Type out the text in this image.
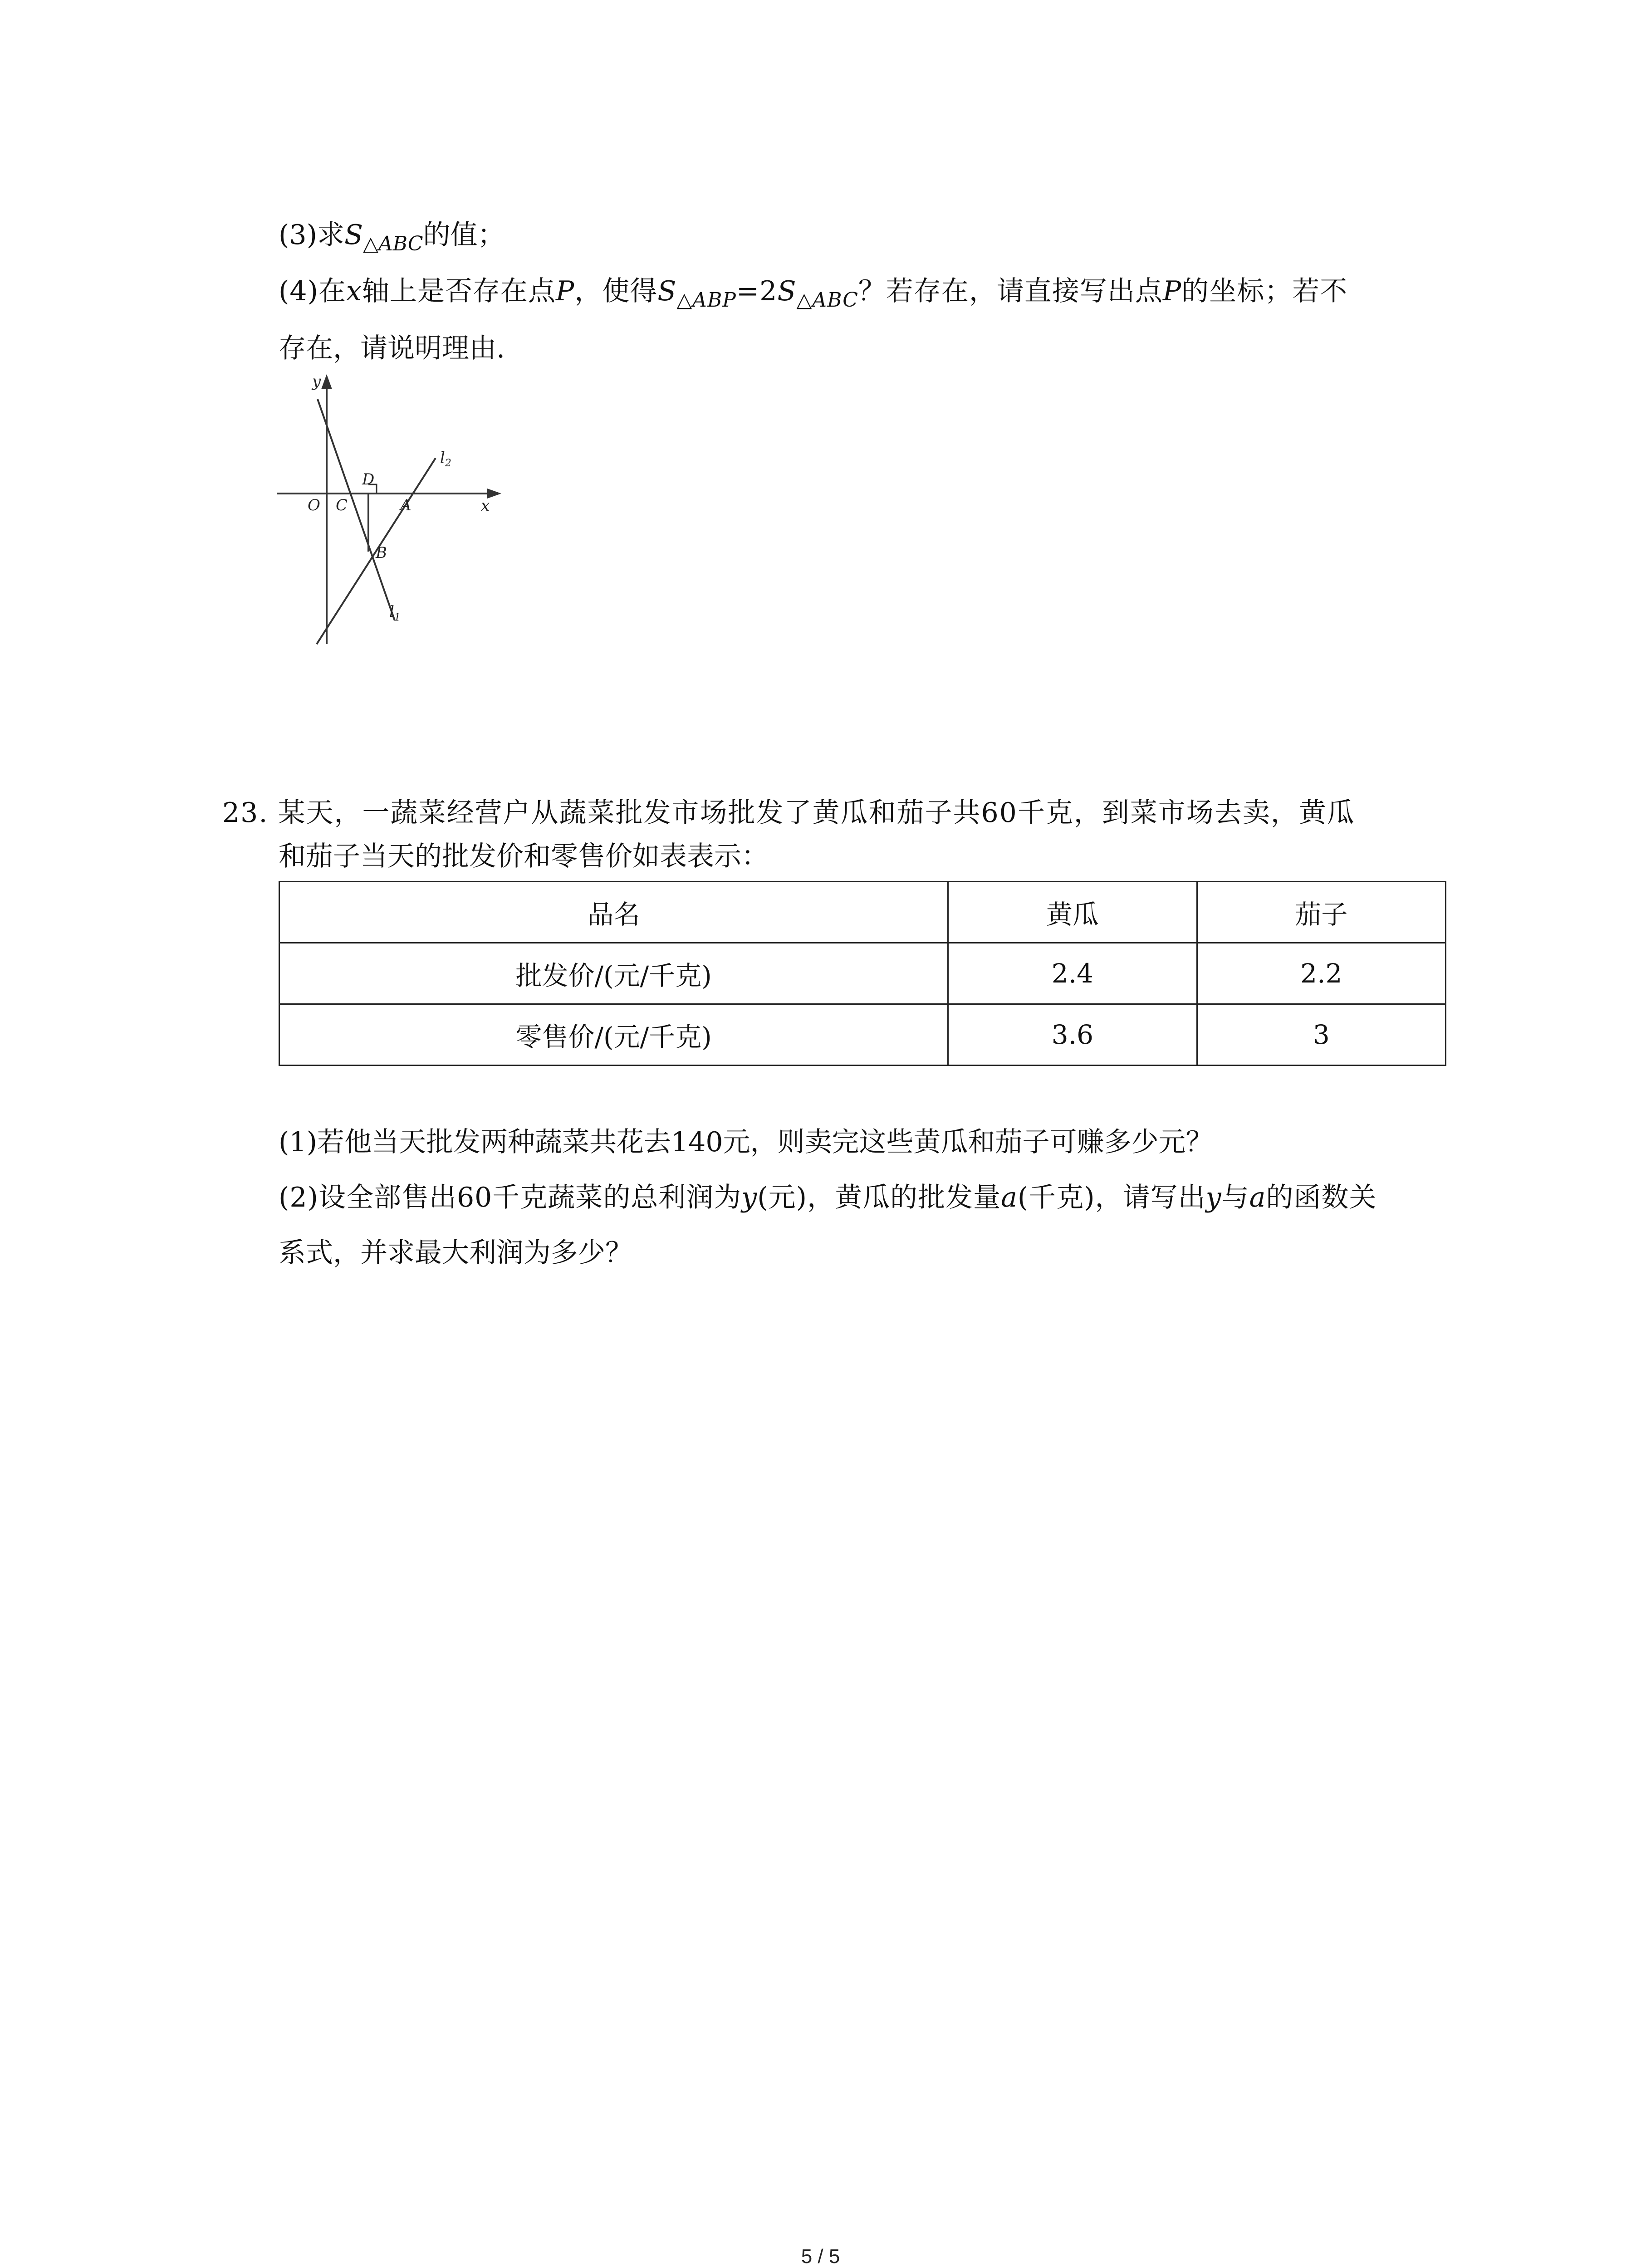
(3)求$S_{\triangle ABC}$的值；
(4)在x轴上是否存在点P，使得$S_{\triangle ABP}=2S_{\triangle ABC}$？若存在，请直接写出点P的坐标；若不
存在，请说明理由.
y
x
O C
D
A
B
$l_1$
$l_2$
23. 某天，一蔬菜经营户从蔬菜批发市场批发了黄瓜和茄子共60千克，到菜市场去卖，黄瓜
和茄子当天的批发价和零售价如表表示：
品名	黄瓜	茄子
批发价/(元/千克)	2.4	2.2
零售价/(元/千克)	3.6	3
(1)若他当天批发两种蔬菜共花去140元，则卖完这些黄瓜和茄子可赚多少元？
(2)设全部售出60千克蔬菜的总利润为y(元)，黄瓜的批发量a(千克)，请写出y与a的函数关
系式，并求最大利润为多少？
5 / 5
